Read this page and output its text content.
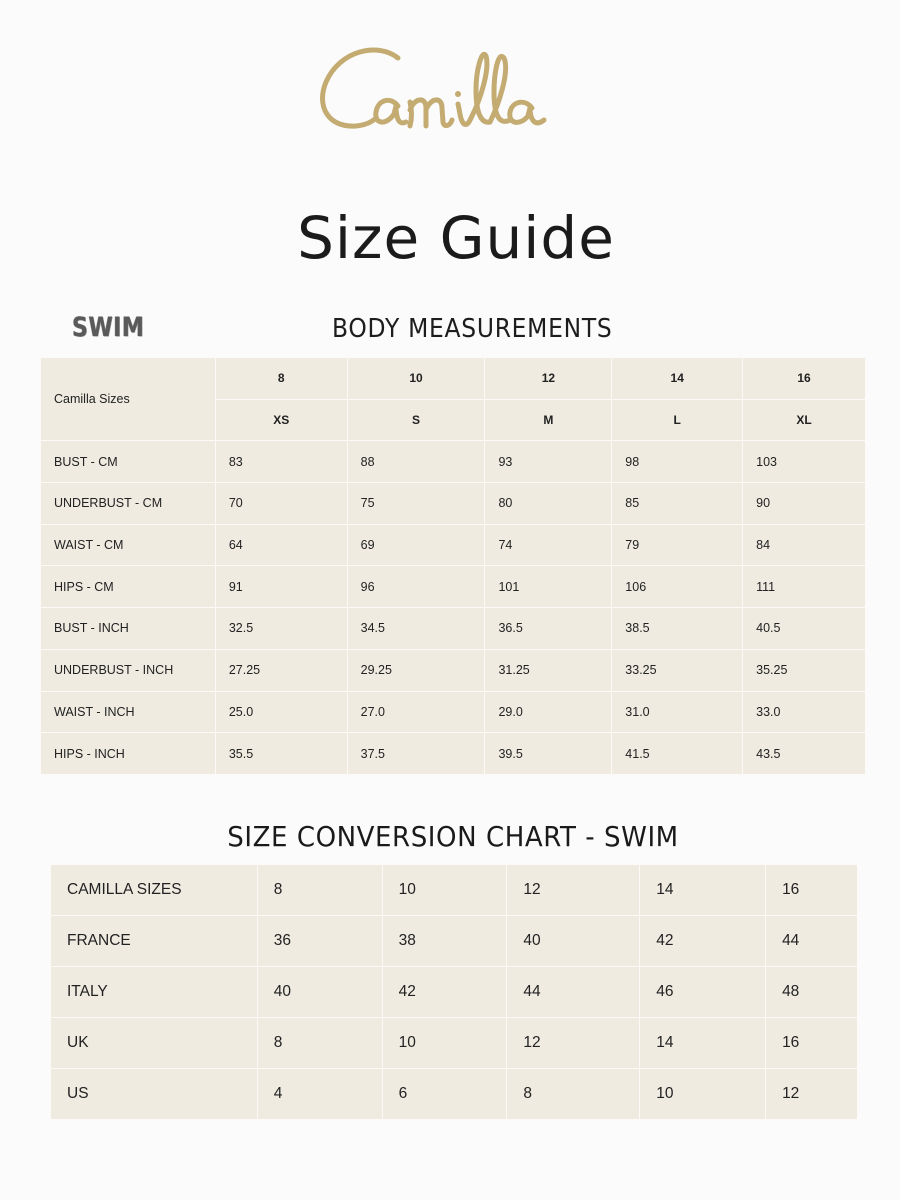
Size Guide
SWIM	BODY MEASUREMENTS
Camilla Sizes	8	10	12	14	16
	XS	S	M	L	XL
BUST - CM	83	88	93	98	103
UNDERBUST - CM	70	75	80	85	90
WAIST - CM	64	69	74	79	84
HIPS - CM	91	96	101	106	111
BUST - INCH	32.5	34.5	36.5	38.5	40.5
UNDERBUST - INCH	27.25	29.25	31.25	33.25	35.25
WAIST - INCH	25.0	27.0	29.0	31.0	33.0
HIPS - INCH	35.5	37.5	39.5	41.5	43.5
SIZE CONVERSION CHART - SWIM
CAMILLA SIZES	8	10	12	14	16
FRANCE	36	38	40	42	44
ITALY	40	42	44	46	48
UK	8	10	12	14	16
US	4	6	8	10	12
